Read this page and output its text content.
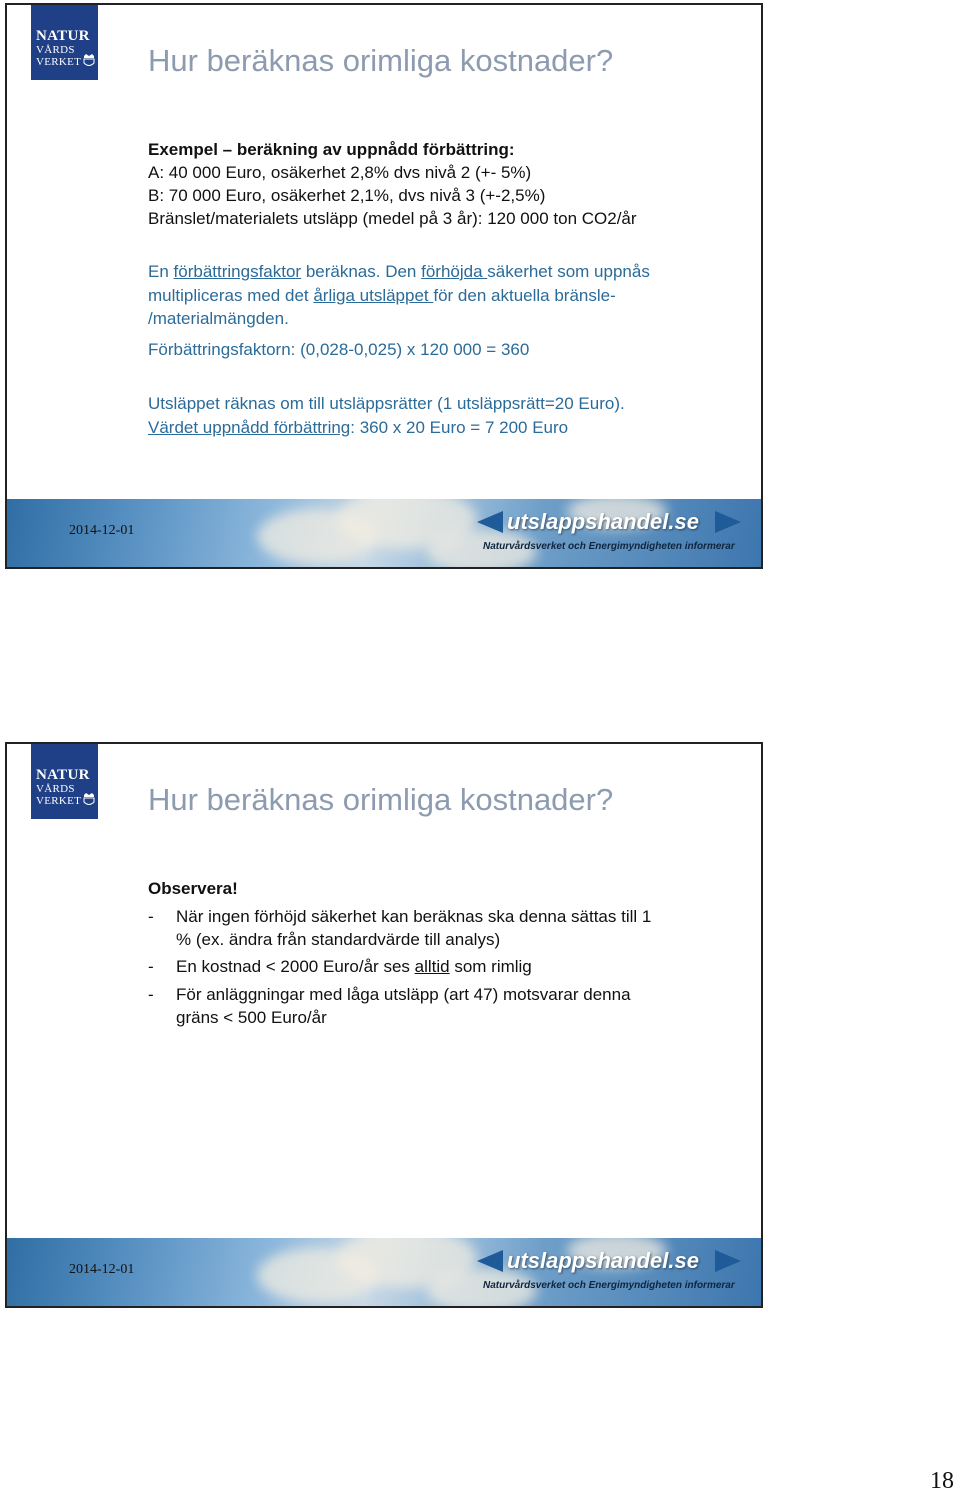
NATUR
VÅRDS
VERKET	Hur beräknas orimliga kostnader?
Exempel – beräkning av uppnådd förbättring:
A: 40 000 Euro, osäkerhet 2,8% dvs nivå 2 (+- 5%)
B: 70 000 Euro, osäkerhet 2,1%, dvs nivå 3 (+-2,5%)
Bränslet/materialets utsläpp (medel på 3 år): 120 000 ton CO2/år
En förbättringsfaktor beräknas. Den förhöjda säkerhet som uppnås
multipliceras med det årliga utsläppet för den aktuella bränsle-
/materialmängden.
Förbättringsfaktorn: (0,028-0,025) x 120 000 = 360
Utsläppet räknas om till utsläppsrätter (1 utsläppsrätt=20 Euro).
Värdet uppnådd förbättring: 360 x 20 Euro = 7 200 Euro
2014-12-01	utslappshandel.se
Naturvårdsverket och Energimyndigheten informerar
NATUR
VÅRDS
VERKET	Hur beräknas orimliga kostnader?
Observera!
-	När ingen förhöjd säkerhet kan beräknas ska denna sättas till 1
% (ex. ändra från standardvärde till analys)
-	En kostnad < 2000 Euro/år ses alltid som rimlig
-	För anläggningar med låga utsläpp (art 47) motsvarar denna
gräns < 500 Euro/år
2014-12-01	utslappshandel.se
Naturvårdsverket och Energimyndigheten informerar
18
